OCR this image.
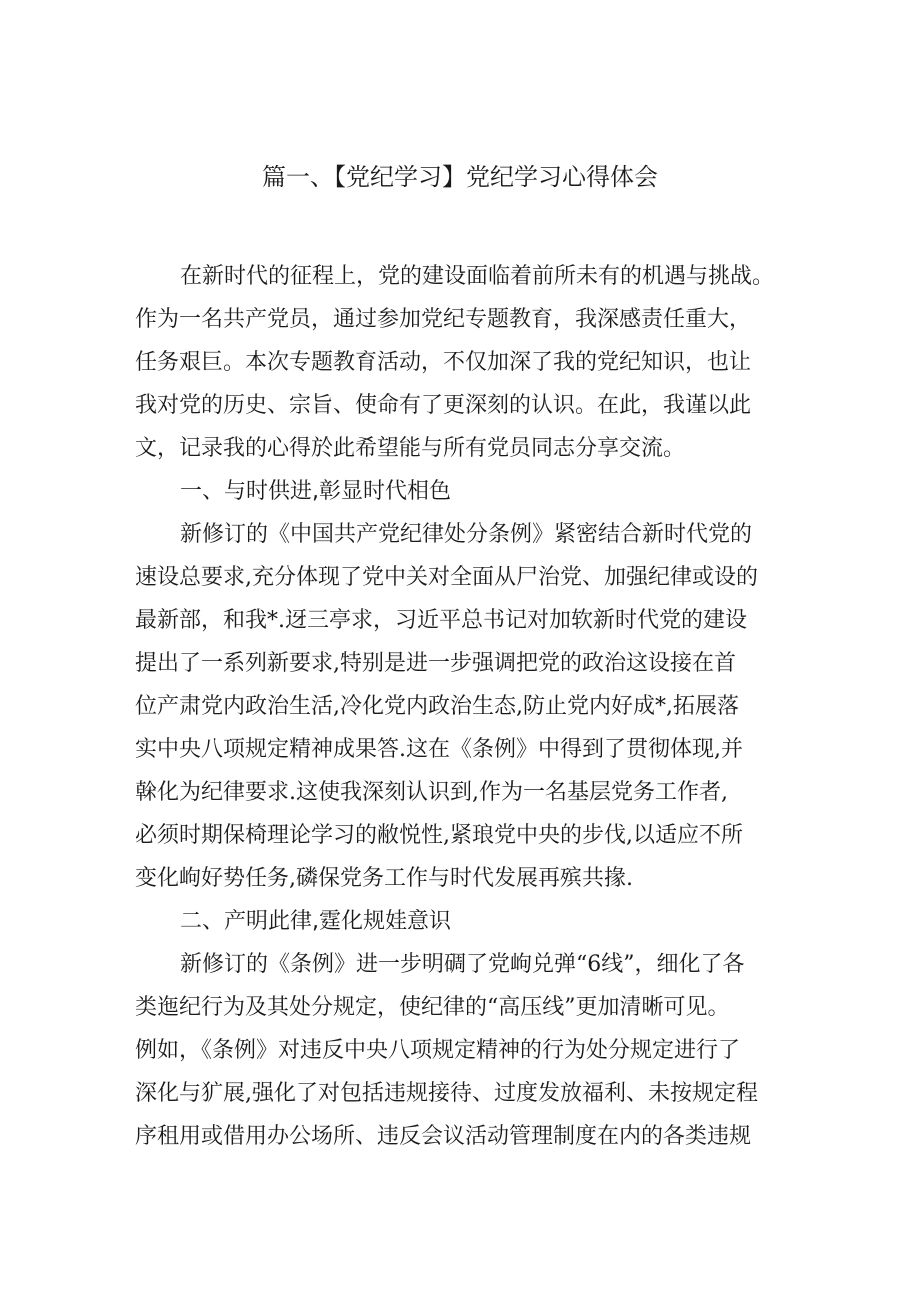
篇一、【党纪学习】党纪学习心得体会

在新时代的征程上，党的建设面临着前所未有的机遇与挑战。

作为一名共产党员，通过参加党纪专题教育，我深感责任重大，

任务艰巨。本次专题教育活动，不仅加深了我的党纪知识，也让

我对党的历史、宗旨、使命有了更深刻的认识。在此，我谨以此

文，记录我的心得於此希望能与所有党员同志分享交流。

一、与时供进,彰显时代相色

新修订的《中国共产党纪律处分条例》紧密结合新时代党的

速设总要求,充分体现了党中关对全面从尸治党、加强纪律或设的

最新部，和我*.迓三亭求，习近平总书记对加软新时代党的建设

提出了一系列新要求,特别是进一步强调把党的政治这设接在首

位产肃党内政治生活,冷化党内政治生态,防止党内好成*,拓展落

实中央八项规定精神成果答.这在《条例》中得到了贯彻体现,并

榦化为纪律要求.这使我深刻认识到,作为一名基层党务工作者,

必须时期保椅理论学习的敝悦性,紧琅党中央的步伐,以适应不所

变化岣好势任务,磷保党务工作与时代发展再殡共掾.

二、产明此律,霆化规娃意识

新修订的《条例》进一步明碉了党岣兑弹“6线”，细化了各

类迤纪行为及其处分规定，使纪律的“高压线”更加清晰可见。

例如，《条例》对违反中央八项规定精神的行为处分规定进行了

深化与犷展,强化了对包括违规接待、过度发放福利、未按规定程

序租用或借用办公场所、违反会议活动管理制度在内的各类违规
